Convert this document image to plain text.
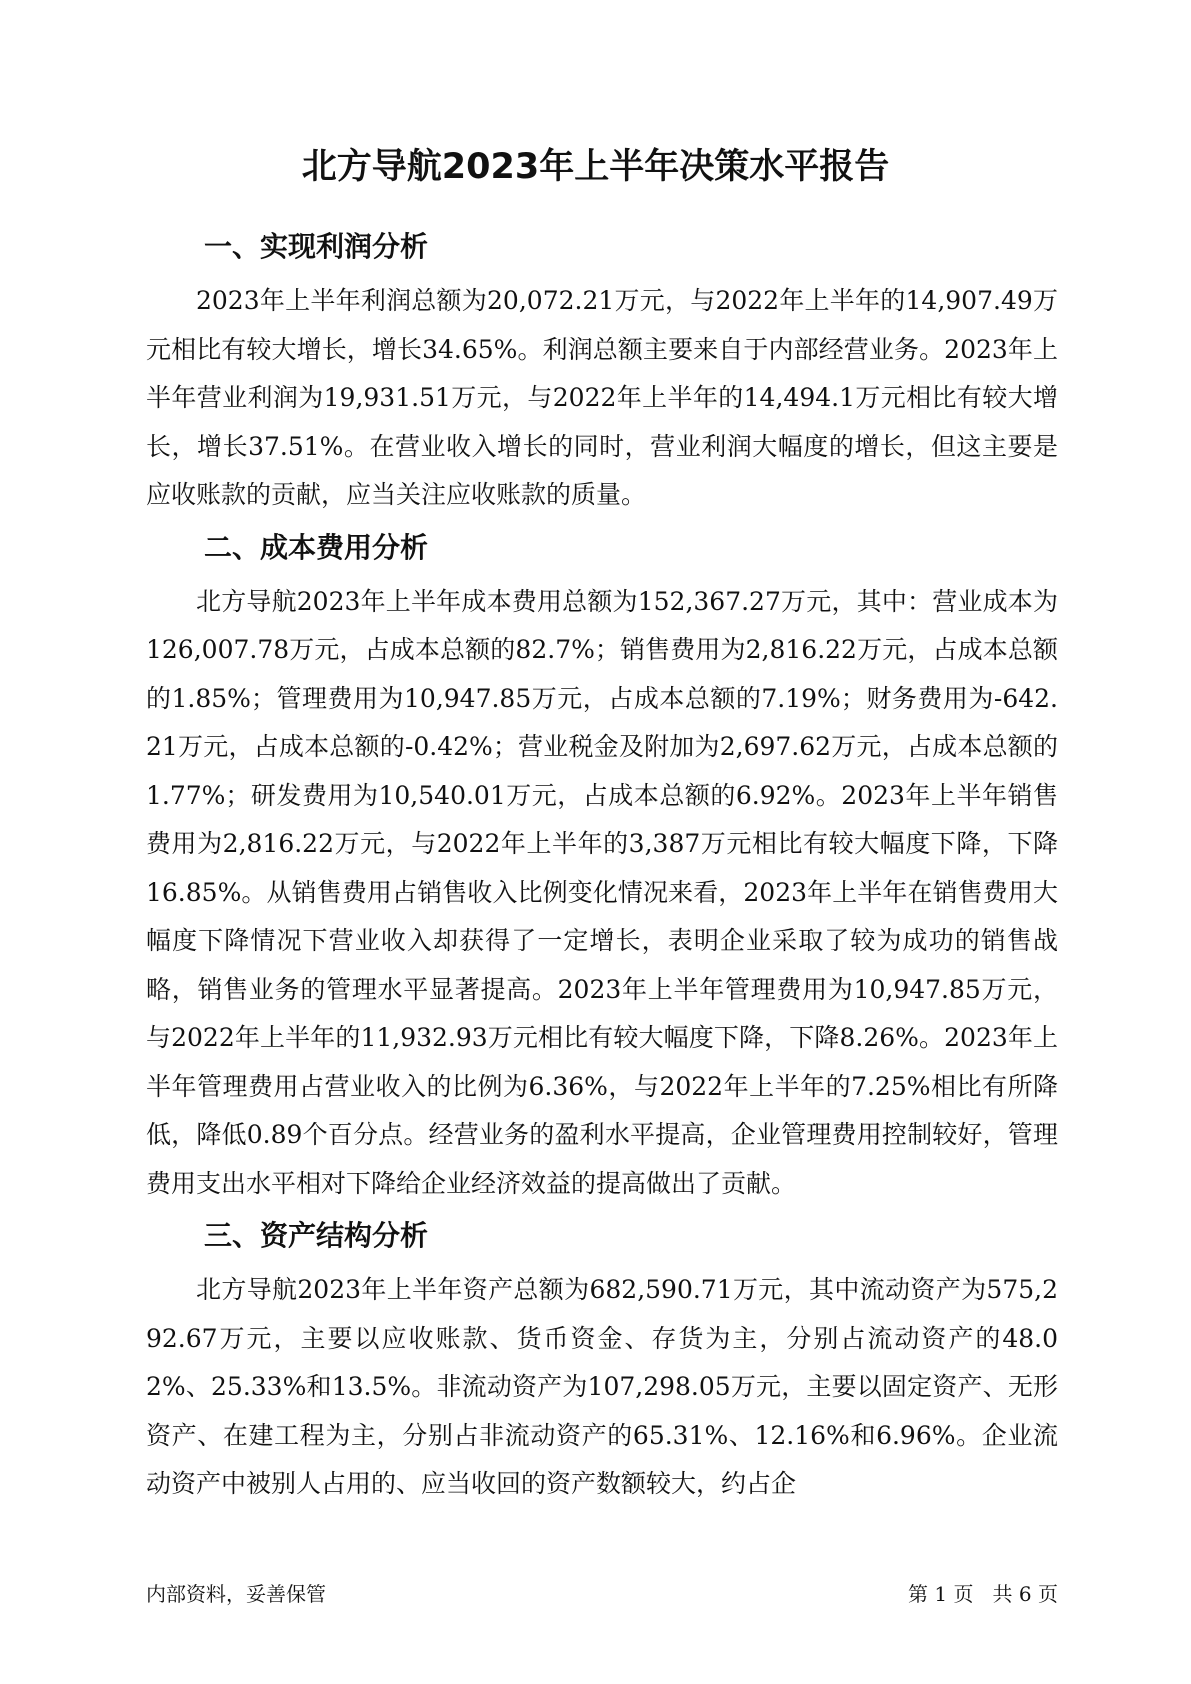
北方导航2023年上半年决策水平报告
一、实现利润分析

2023年上半年利润总额为20,072.21万元，与2022年上半年的14,907.49万元相比有较大增长，增长34.65%。利润总额主要来自于内部经营业务。2023年上半年营业利润为19,931.51万元，与2022年上半年的14,494.1万元相比有较大增长，增长37.51%。在营业收入增长的同时，营业利润大幅度的增长，但这主要是应收账款的贡献，应当关注应收账款的质量。

二、成本费用分析

北方导航2023年上半年成本费用总额为152,367.27万元，其中：营业成本为126,007.78万元，占成本总额的82.7%；销售费用为2,816.22万元，占成本总额的1.85%；管理费用为10,947.85万元，占成本总额的7.19%；财务费用为-642.21万元，占成本总额的-0.42%；营业税金及附加为2,697.62万元，占成本总额的1.77%；研发费用为10,540.01万元，占成本总额的6.92%。2023年上半年销售费用为2,816.22万元，与2022年上半年的3,387万元相比有较大幅度下降，下降16.85%。从销售费用占销售收入比例变化情况来看，2023年上半年在销售费用大幅度下降情况下营业收入却获得了一定增长，表明企业采取了较为成功的销售战略，销售业务的管理水平显著提高。2023年上半年管理费用为10,947.85万元，与2022年上半年的11,932.93万元相比有较大幅度下降，下降8.26%。2023年上半年管理费用占营业收入的比例为6.36%，与2022年上半年的7.25%相比有所降低，降低0.89个百分点。经营业务的盈利水平提高，企业管理费用控制较好，管理费用支出水平相对下降给企业经济效益的提高做出了贡献。

三、资产结构分析

北方导航2023年上半年资产总额为682,590.71万元，其中流动资产为575,292.67万元，主要以应收账款、货币资金、存货为主，分别占流动资产的48.02%、25.33%和13.5%。非流动资产为107,298.05万元，主要以固定资产、无形资产、在建工程为主，分别占非流动资产的65.31%、12.16%和6.96%。企业流动资产中被别人占用的、应当收回的资产数额较大，约占企

内部资料，妥善保管	第 1 页   共 6 页
